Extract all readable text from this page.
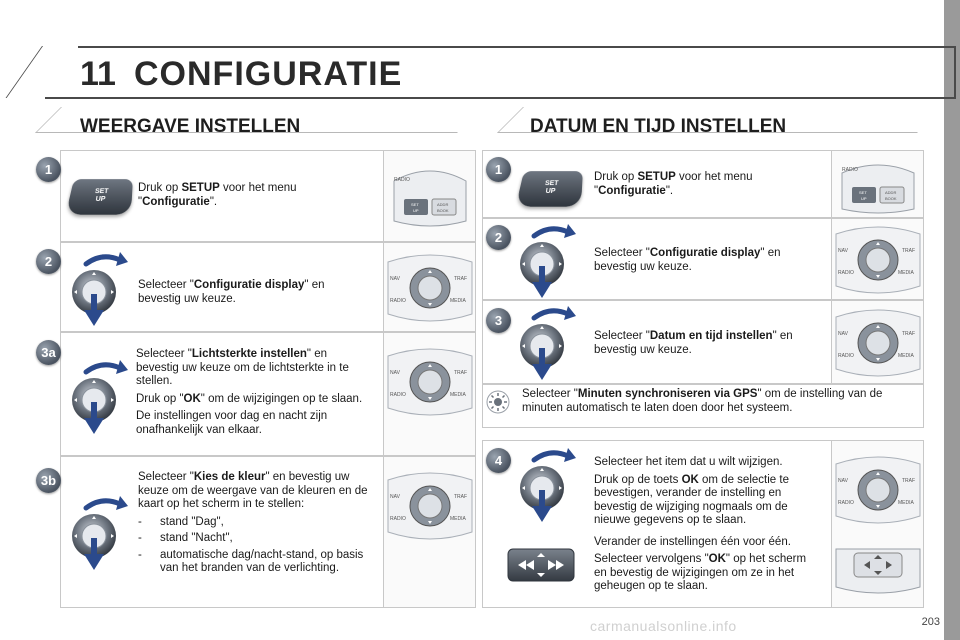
11 CONFIGURATIE
WEERGAVE INSTELLEN
RADIO
SET
UP
ADDR
BOOK
1
SET
UP
Druk op SETUP voor het menu "Configuratie".
NAV	TRAF
RADIO	MEDIA
2
Selecteer "Configuratie display" en bevestig uw keuze.
NAV	TRAF
RADIO	MEDIA
3a	Selecteer "Lichtsterkte instellen" en bevestig uw keuze om de lichtsterkte in te stellen.

Druk op "OK" om de wijzigingen op te slaan.

De instellingen voor dag en nacht zijn onafhankelijk van elkaar.

NAV	TRAF
RADIO	MEDIA
3b	Selecteer "Kies de kleur" en bevestig uw keuze om de weergave van de kleuren en de kaart op het scherm in te stellen:

-	stand "Dag",
-	stand "Nacht",
-	automatische dag/nacht-stand, op basis van het branden van de verlichting.
DATUM EN TIJD INSTELLEN
RADIO
SET
UP
ADDR
BOOK
1
SET
UP
Druk op SETUP voor het menu "Configuratie".
NAV	TRAF
RADIO	MEDIA
2
Selecteer "Configuratie display" en bevestig uw keuze.
NAV	TRAF
RADIO	MEDIA
3
Selecteer "Datum en tijd instellen" en bevestig uw keuze.
Selecteer "Minuten synchroniseren via GPS" om de instelling van de minuten automatisch te laten doen door het systeem.
NAV	TRAF
RADIO	MEDIA
4	Selecteer het item dat u wilt wijzigen.

Druk op de toets OK om de selectie te bevestigen, verander de instelling en bevestig de wijziging nogmaals om de nieuwe gegevens op te slaan.

Verander de instellingen één voor één.

Selecteer vervolgens "OK" op het scherm en bevestig de wijzigingen om ze in het geheugen op te slaan.

carmanualsonline.info	203
